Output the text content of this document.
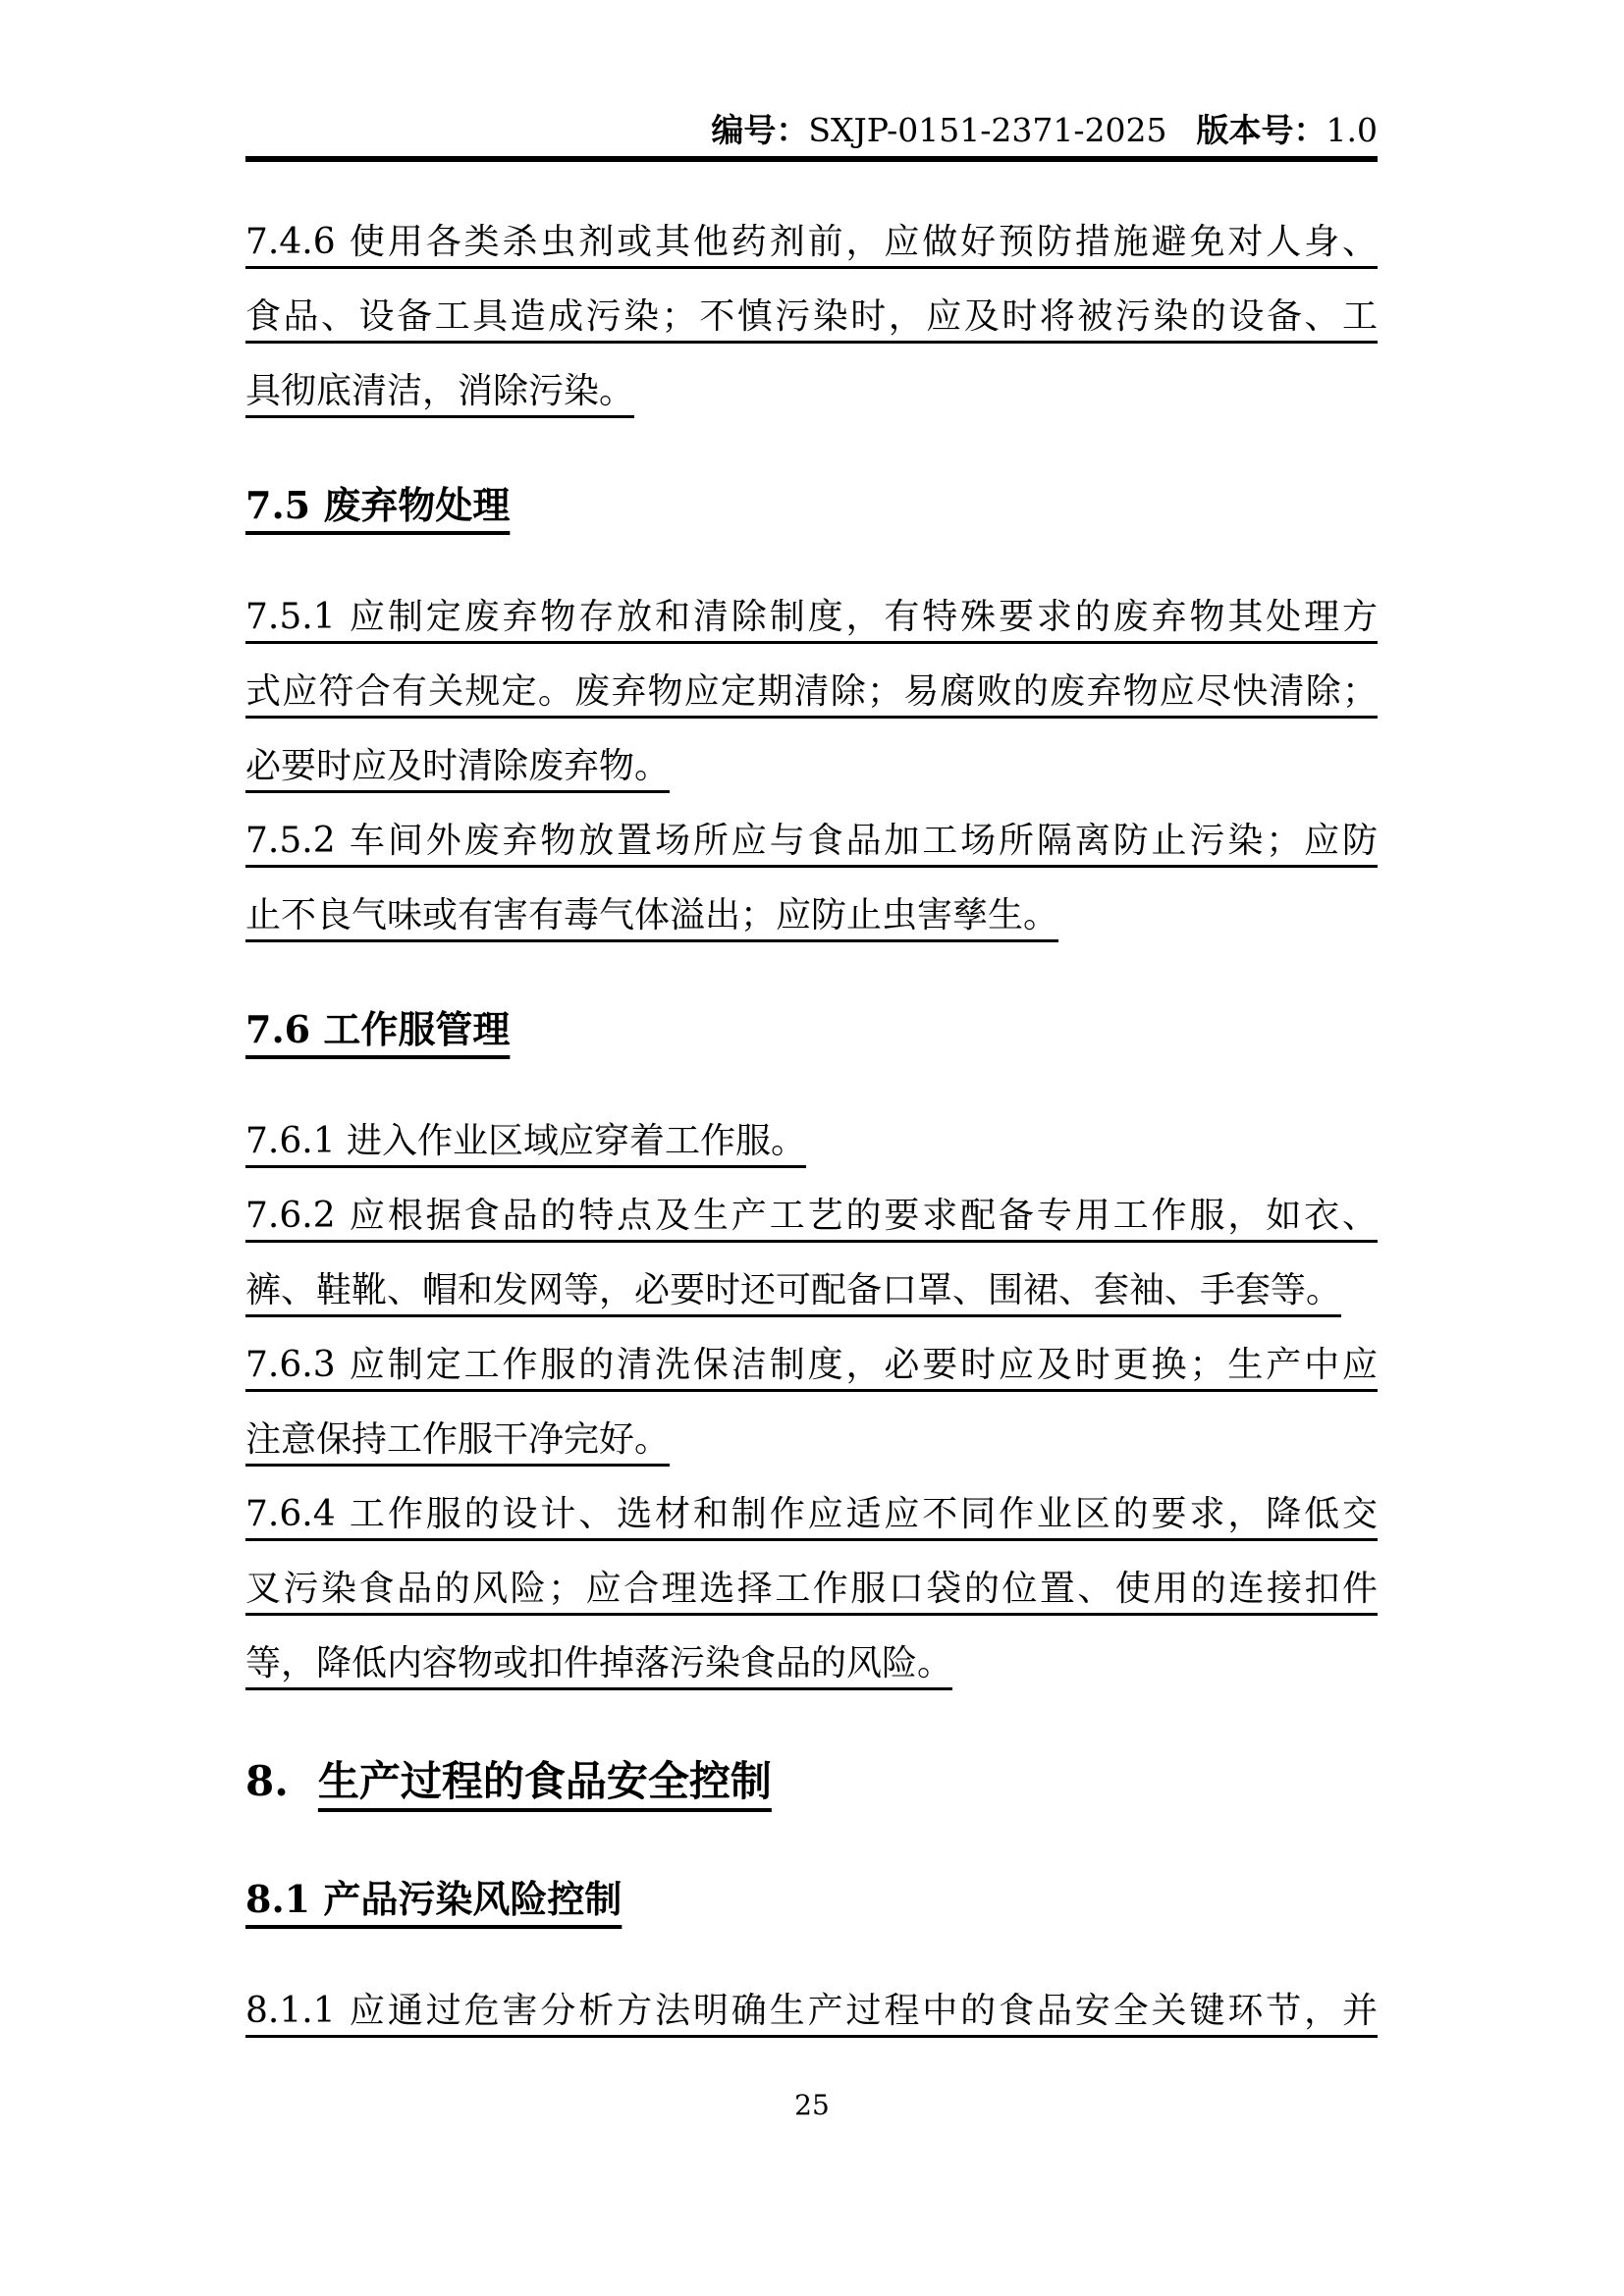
编号：SXJP-0151-2371-2025 版本号：1.0
7.4.6 使用各类杀虫剂或其他药剂前，应做好预防措施避免对人身、
食品、设备工具造成污染；不慎污染时，应及时将被污染的设备、工
具彻底清洁，消除污染。
7.5 废弃物处理
7.5.1 应制定废弃物存放和清除制度，有特殊要求的废弃物其处理方
式应符合有关规定。废弃物应定期清除；易腐败的废弃物应尽快清除；
必要时应及时清除废弃物。
7.5.2 车间外废弃物放置场所应与食品加工场所隔离防止污染；应防
止不良气味或有害有毒气体溢出；应防止虫害孳生。
7.6 工作服管理
7.6.1 进入作业区域应穿着工作服。
7.6.2 应根据食品的特点及生产工艺的要求配备专用工作服，如衣、
裤、鞋靴、帽和发网等，必要时还可配备口罩、围裙、套袖、手套等。
7.6.3 应制定工作服的清洗保洁制度，必要时应及时更换；生产中应
注意保持工作服干净完好。
7.6.4 工作服的设计、选材和制作应适应不同作业区的要求，降低交
叉污染食品的风险；应合理选择工作服口袋的位置、使用的连接扣件
等，降低内容物或扣件掉落污染食品的风险。
8. 生产过程的食品安全控制
8.1 产品污染风险控制
8.1.1 应通过危害分析方法明确生产过程中的食品安全关键环节，并
25
